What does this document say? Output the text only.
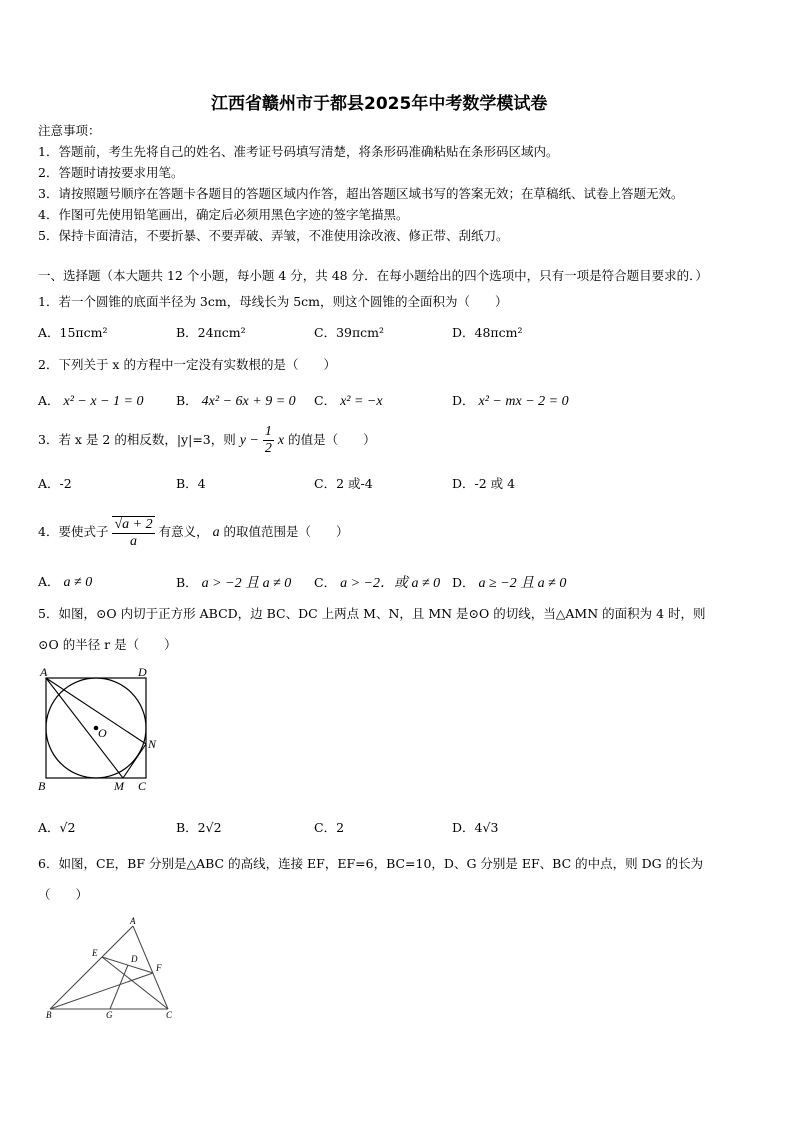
江西省赣州市于都县2025年中考数学模试卷
注意事项：
1．答题前，考生先将自己的姓名、准考证号码填写清楚，将条形码准确粘贴在条形码区域内。
2．答题时请按要求用笔。
3．请按照题号顺序在答题卡各题目的答题区域内作答，超出答题区域书写的答案无效；在草稿纸、试卷上答题无效。
4．作图可先使用铅笔画出，确定后必须用黑色字迹的签字笔描黑。
5．保持卡面清洁，不要折暴、不要弄破、弄皱，不准使用涂改液、修正带、刮纸刀。
一、选择题（本大题共 12 个小题，每小题 4 分，共 48 分．在每小题给出的四个选项中，只有一项是符合题目要求的．）
1．若一个圆锥的底面半径为 3cm，母线长为 5cm，则这个圆锥的全面积为（　　）
A．15πcm²	B．24πcm²	C．39πcm²	D．48πcm²
2．下列关于 x 的方程中一定没有实数根的是（　　）
A． x² − x − 1 = 0	B． 4x² − 6x + 9 = 0 C． x² = −x	D． x² − mx − 2 = 0
3．若 x 是 2 的相反数，|y|=3，则 $y - \frac{1}{2}$ x 的值是（　　）
A．-2	B．4	C．2 或-4	D．-2 或 4
4．要使式子 $\frac{√a + 2}{a}$ 有意义， a 的取值范围是（　　）
A． a ≠ 0	B． a > −2 且 a ≠ 0 C． a > −2．或 a ≠ 0 D． a ≥ −2 且 a ≠ 0
5．如图，⊙O 内切于正方形 ABCD，边 BC、DC 上两点 M、N，且 MN 是⊙O 的切线，当△AMN 的面积为 4 时，则
⊙O 的半径 r 是（　　）
A	D
O
N
B	M C
A．√2	B．2√2	C．2	D．4√3
6．如图，CE，BF 分别是△ABC 的高线，连接 EF，EF=6，BC=10，D、G 分别是 EF、BC 的中点，则 DG 的长为
（　　）
A
E
D
F
B	G	C
